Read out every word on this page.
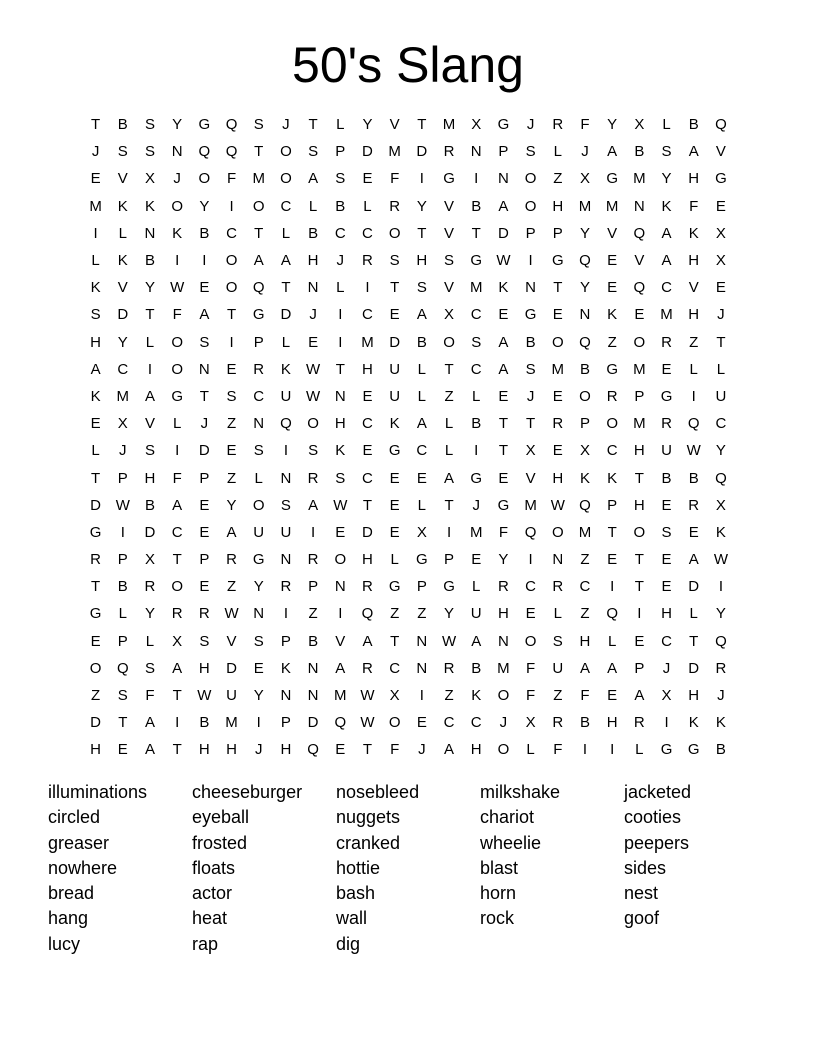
50's Slang
T	B	S	Y	G	Q	S	J	T	L	Y	V	T	M	X	G	J	R	F	Y	X	L	B	Q
J	S	S	N	Q	Q	T	O	S	P	D	M	D	R	N	P	S	L	J	A	B	S	A	V
E	V	X	J	O	F	M	O	A	S	E	F	I	G	I	N	O	Z	X	G	M	Y	H	G
M	K	K	O	Y	I	O	C	L	B	L	R	Y	V	B	A	O	H	M M	N	K	F	E
I	L	N	K	B	C	T	L	B	C	C	O	T	V	T	D	P	P	Y	V	Q	A	K	X
L	K	B	I	I	O	A	A	H	J	R	S	H	S	G W	I	G	Q	E	V	A	H	X
K	V	Y	W	E	O	Q	T	N	L	I	T	S	V	M	K	N	T	Y	E	Q	C	V	E
S	D	T	F	A	T	G	D	J	I	C	E	A	X	C	E	G	E	N	K	E	M	H	J
H	Y	L	O	S	I	P	L	E	I	M	D	B	O	S	A	B	O	Q	Z	O	R	Z	T
A	C	I	O	N	E	R	K	W	T	H	U	L	T	C	A	S	M	B	G	M	E	L	L
K	M	A	G	T	S	C	U W N	E	U	L	Z	L	E	J	E	O	R	P	G	I	U
E	X	V	L	J	Z	N	Q	O	H	C	K	A	L	B	T	T	R	P	O	M	R	Q	C
L	J	S	I	D	E	S	I	S	K	E	G	C	L	I	T	X	E	X	C	H	U W	Y
T	P	H	F	P	Z	L	N	R	S	C	E	E	A	G	E	V	H	K	K	T	B	B	Q
D W	B	A	E	Y	O	S	A	W	T	E	L	T	J	G	M W Q	P	H	E	R	X
G	I	D	C	E	A	U	U	I	E	D	E	X	I	M	F	Q	O	M	T	O	S	E	K
R	P	X	T	P	R	G	N	R	O	H	L	G	P	E	Y	I	N	Z	E	T	E	A	W
T	B	R	O	E	Z	Y	R	P	N	R	G	P	G	L	R	C	R	C	I	T	E	D	I
G	L	Y	R	R W N	I	Z	I	Q	Z	Z	Y	U	H	E	L	Z	Q	I	H	L	Y
E	P	L	X	S	V	S	P	B	V	A	T	N W	A	N	O	S	H	L	E	C	T	Q
O	Q	S	A	H	D	E	K	N	A	R	C	N	R	B	M	F	U	A	A	P	J	D	R
Z	S	F	T	W U	Y	N	N	M W	X	I	Z	K	O	F	Z	F	E	A	X	H	J
D	T	A	I	B	M	I	P	D	Q W O	E	C	C	J	X	R	B	H	R	I	K	K
H	E	A	T	H	H	J	H	Q	E	T	F	J	A	H	O	L	F	I	I	L	G	G	B
illuminations	cheeseburger	nosebleed	milkshake	jacketed
circled	eyeball	nuggets	chariot	cooties
greaser	frosted	cranked	wheelie	peepers
nowhere	floats	hottie	blast	sides
bread	actor	bash	horn	nest
hang	heat	wall	rock	goof
lucy	rap	dig
